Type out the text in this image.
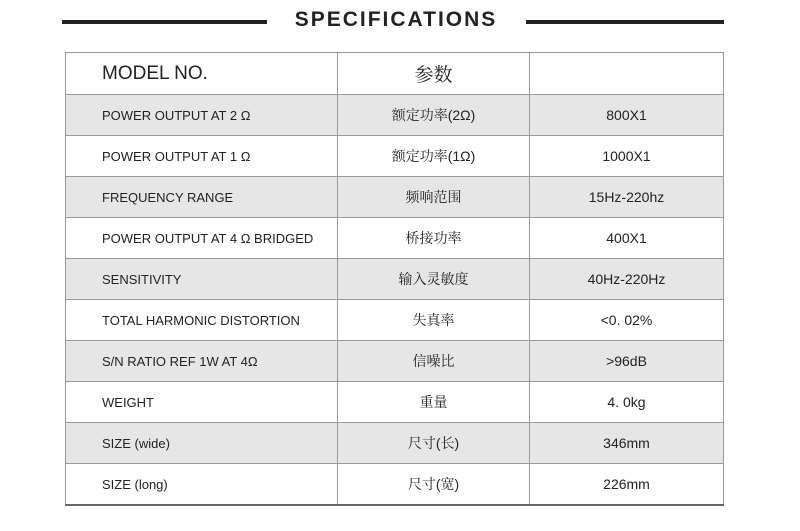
SPECIFICATIONS
MODEL NO.	参数	
POWER OUTPUT AT 2 Ω	额定功率(2Ω)	800X1
POWER OUTPUT AT 1 Ω	额定功率(1Ω)	1000X1
FREQUENCY RANGE	频响范围	15Hz-220hz
POWER OUTPUT AT 4 Ω BRIDGED	桥接功率	400X1
SENSITIVITY	输入灵敏度	40Hz-220Hz
TOTAL HARMONIC DISTORTION	失真率	<0. 02%
S/N RATIO REF 1W AT 4Ω	信噪比	>96dB
WEIGHT	重量	4. 0kg
SIZE (wide)	尺寸(长)	346mm
SIZE (long)	尺寸(宽)	226mm
